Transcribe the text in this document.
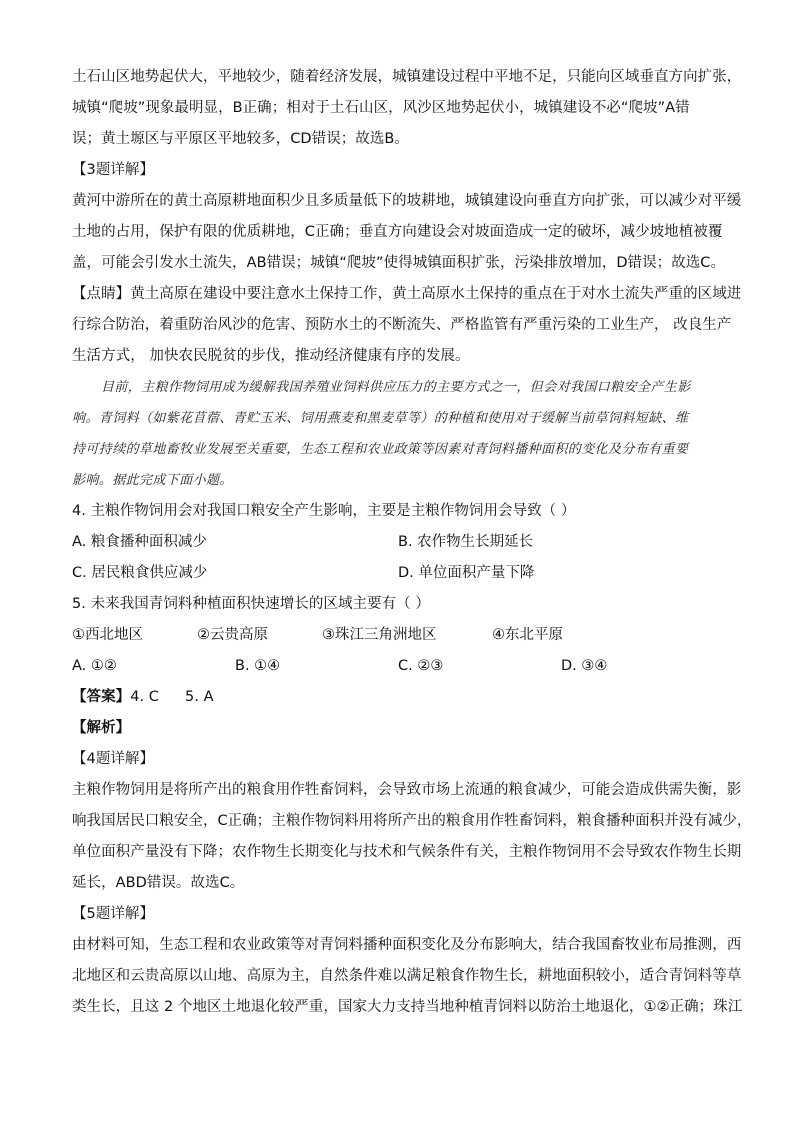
土石山区地势起伏大，平地较少，随着经济发展，城镇建设过程中平地不足，只能向区域垂直方向扩张，
城镇“爬坡”现象最明显，B正确；相对于土石山区，风沙区地势起伏小，城镇建设不必“爬坡”A错
误；黄土塬区与平原区平地较多，CD错误；故选B。
【3题详解】
黄河中游所在的黄土高原耕地面积少且多质量低下的坡耕地，城镇建设向垂直方向扩张，可以减少对平缓
土地的占用，保护有限的优质耕地，C正确；垂直方向建设会对坡面造成一定的破坏，减少坡地植被覆
盖，可能会引发水土流失，AB错误；城镇“爬坡”使得城镇面积扩张，污染排放增加，D错误；故选C。
【点睛】黄土高原在建设中要注意水土保持工作，黄土高原水土保持的重点在于对水土流失严重的区域进
行综合防治，着重防治风沙的危害、预防水土的不断流失、严格监管有严重污染的工业生产， 改良生产
生活方式， 加快农民脱贫的步伐，推动经济健康有序的发展。
目前，主粮作物饲用成为缓解我国养殖业饲料供应压力的主要方式之一，但会对我国口粮安全产生影
响。青饲料（如紫花苜蓿、青贮玉米、饲用燕麦和黑麦草等）的种植和使用对于缓解当前草饲料短缺、维
持可持续的草地畜牧业发展至关重要，生态工程和农业政策等因素对青饲料播种面积的变化及分布有重要
影响。据此完成下面小题。
4. 主粮作物饲用会对我国口粮安全产生影响，主要是主粮作物饲用会导致（ ）
A. 粮食播种面积减少	B. 农作物生长期延长
C. 居民粮食供应减少	D. 单位面积产量下降
5. 未来我国青饲料种植面积快速增长的区域主要有（ ）
①西北地区	②云贵高原	③珠江三角洲地区	④东北平原
A. ①②	B. ①④	C. ②③	D. ③④
【答案】4. C 5. A
【解析】
【4题详解】
主粮作物饲用是将所产出的粮食用作牲畜饲料，会导致市场上流通的粮食减少，可能会造成供需失衡，影
响我国居民口粮安全，C正确；主粮作物饲料用将所产出的粮食用作牲畜饲料，粮食播种面积并没有减少，
单位面积产量没有下降；农作物生长期变化与技术和气候条件有关，主粮作物饲用不会导致农作物生长期
延长，ABD错误。故选C。
【5题详解】
由材料可知，生态工程和农业政策等对青饲料播种面积变化及分布影响大，结合我国畜牧业布局推测，西
北地区和云贵高原以山地、高原为主，自然条件难以满足粮食作物生长，耕地面积较小，适合青饲料等草
类生长，且这 2 个地区土地退化较严重，国家大力支持当地种植青饲料以防治土地退化，①②正确；珠江
